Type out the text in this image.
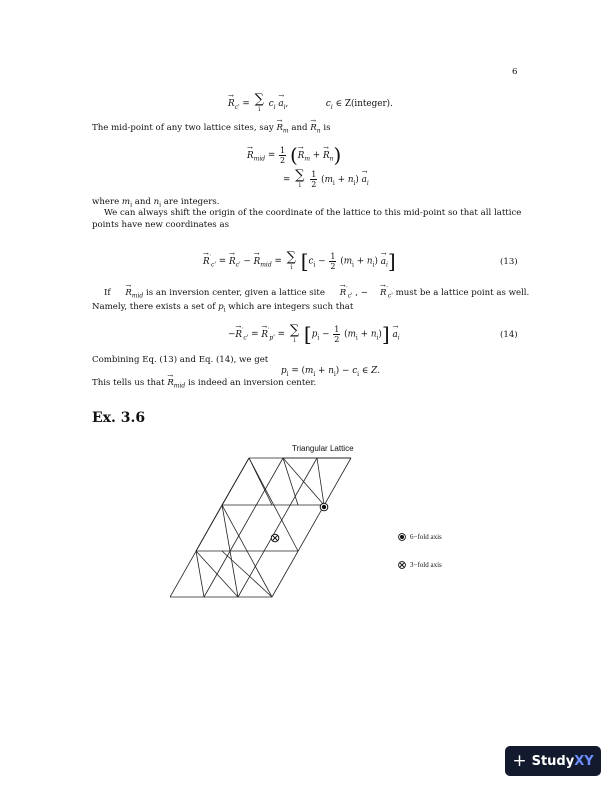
6
→ $R_{c'}$ = ∑
i
$c_i \to a_i$,	$c_i$ ∈ Z(integer).
The mid-point of any two lattice sites, say → $R_m$ and → $R_n$ is
→ $R_{mid} = \frac{1}{2}$ (→ $R_m$ + → $R_n$)
= ∑
i
	$\frac{1}{2} (m_i + n_i) \to a_i$
where $m_i$ and $n_i$ are integers.
We can always shift the origin of the coordinate of the lattice to this mid-point so that all lattice points have new coordinates as
→ $R'_{c'}$ = → $R_{c'}$ − → $R_{mid}$ = ∑
i $[c_i - \frac{1}{2} (m_i + n_i) \to a_i]$	(13)
$If \to R_{mid}$ is an inversion center, given a lattice site → $R'_{c'}$ , − → $R'_{c'}$ must be a lattice point as well. Namely, there exists a set of $p_i$ which are integers such that
−→ $R'_{c'}$ = → $R'_{p'}$ = ∑
i $[p_i - \frac{1}{2} (m_i + n_i)] \to a_i$	(14)
Combining Eq. (13) and Eq. (14), we get
$p_i = (m_i + n_i) - c_i$ ∈ Z.
This tells us that → $R_{mid}$ is indeed an inversion center.
Ex. 3.6
Triangular Lattice
6−fold axis
3−fold axis
+ StudyXY
